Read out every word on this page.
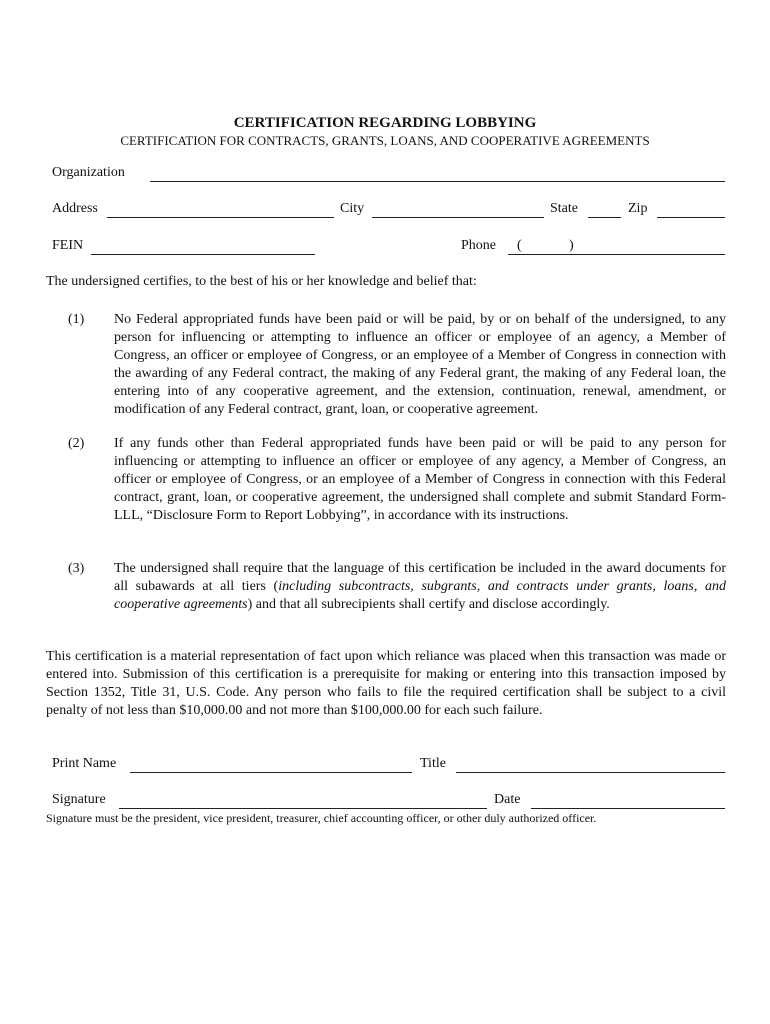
CERTIFICATION REGARDING LOBBYING
CERTIFICATION FOR CONTRACTS, GRANTS, LOANS, AND COOPERATIVE AGREEMENTS
Organization
Address	City	State	Zip
FEIN	Phone (	)
The undersigned certifies, to the best of his or her knowledge and belief that:
(1) No Federal appropriated funds have been paid or will be paid, by or on behalf of the undersigned, to any person for influencing or attempting to influence an officer or employee of an agency, a Member of Congress, an officer or employee of Congress, or an employee of a Member of Congress in connection with the awarding of any Federal contract, the making of any Federal grant, the making of any Federal loan, the entering into of any cooperative agreement, and the extension, continuation, renewal, amendment, or modification of any Federal contract, grant, loan, or cooperative agreement.
(2) If any funds other than Federal appropriated funds have been paid or will be paid to any person for influencing or attempting to influence an officer or employee of any agency, a Member of Congress, an officer or employee of Congress, or an employee of a Member of Congress in connection with this Federal contract, grant, loan, or cooperative agreement, the undersigned shall complete and submit Standard Form-LLL, “Disclosure Form to Report Lobbying”, in accordance with its instructions.
(3) The undersigned shall require that the language of this certification be included in the award documents for all subawards at all tiers (including subcontracts, subgrants, and contracts under grants, loans, and cooperative agreements) and that all subrecipients shall certify and disclose accordingly.
This certification is a material representation of fact upon which reliance was placed when this transaction was made or entered into. Submission of this certification is a prerequisite for making or entering into this transaction imposed by Section 1352, Title 31, U.S. Code. Any person who fails to file the required certification shall be subject to a civil penalty of not less than $10,000.00 and not more than $100,000.00 for each such failure.
Print Name	Title
Signature	Date
Signature must be the president, vice president, treasurer, chief accounting officer, or other duly authorized officer.
